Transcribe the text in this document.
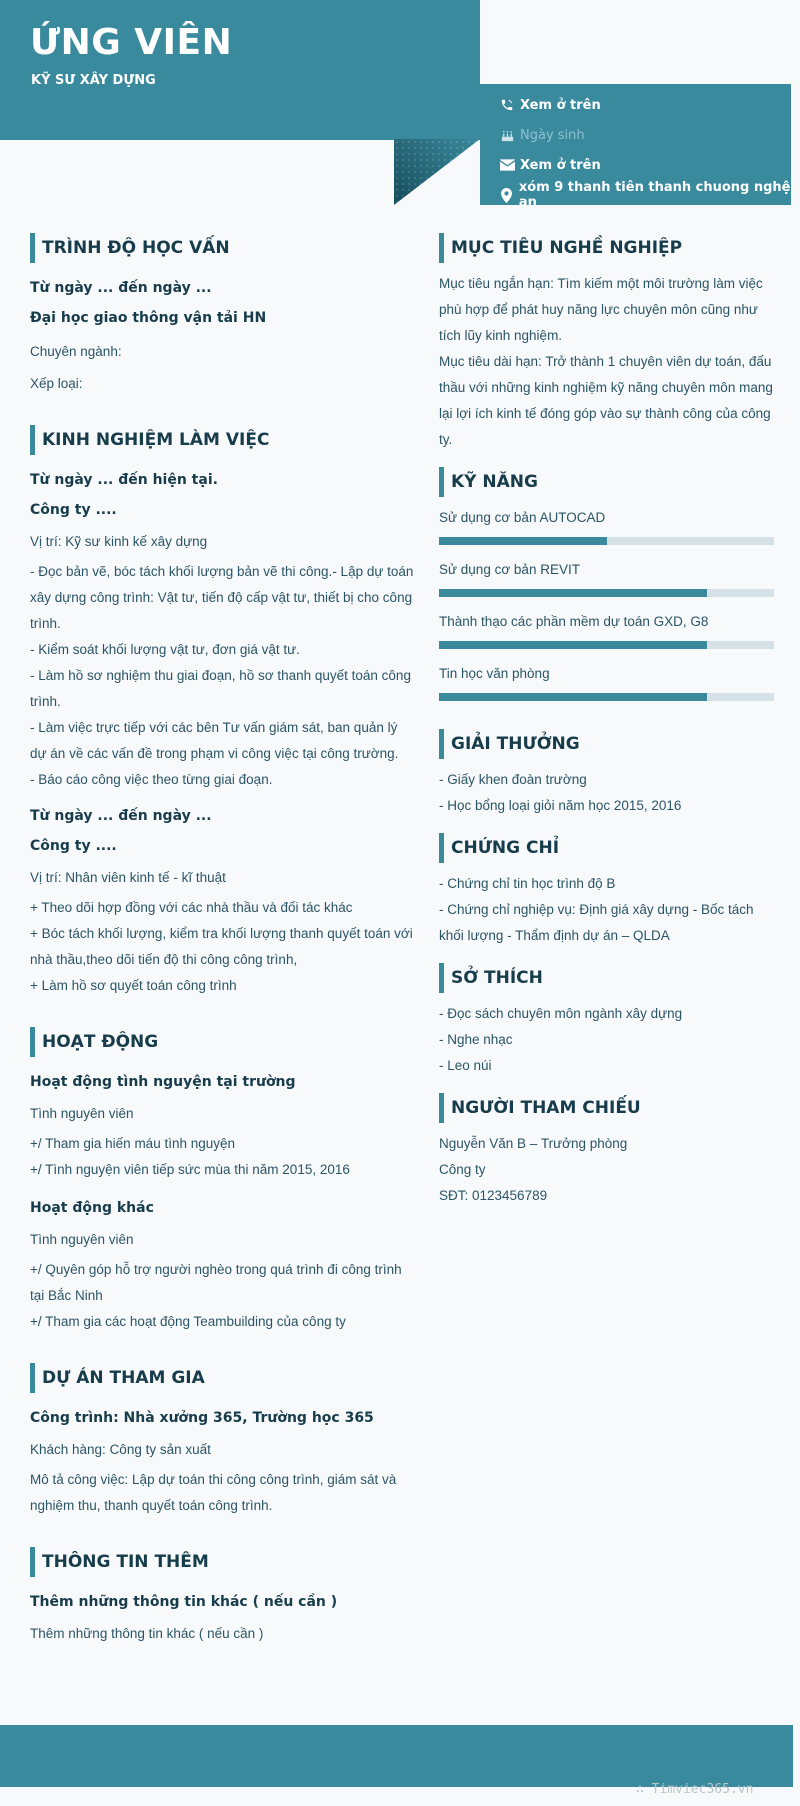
ỨNG VIÊN
KỸ SƯ XÂY DỰNG
Xem ở trên
Ngày sinh
Xem ở trên
xóm 9 thanh tiên thanh chuong nghệ an
TRÌNH ĐỘ HỌC VẤN
Từ ngày ... đến ngày ...
Đại học giao thông vận tải HN
Chuyên ngành:
Xếp loại:
KINH NGHIỆM LÀM VIỆC
Từ ngày ... đến hiện tại.
Công ty ....
Vị trí: Kỹ sư kinh kế xây dựng
- Đọc bản vẽ, bóc tách khối lượng bản vẽ thi công.- Lập dự toán xây dựng công trình: Vật tư, tiến độ cấp vật tư, thiết bị cho công trình.
- Kiểm soát khối lượng vật tư, đơn giá vật tư.
- Làm hồ sơ nghiệm thu giai đoạn, hồ sơ thanh quyết toán công trình.
- Làm việc trực tiếp với các bên Tư vấn giám sát, ban quản lý dự án về các vấn đề trong phạm vi công việc tại công trường.
- Báo cáo công việc theo từng giai đoạn.
Từ ngày ... đến ngày ...
Công ty ....
Vị trí: Nhân viên kinh tế - kĩ thuật
+ Theo dõi hợp đồng với các nhà thầu và đối tác khác
+ Bóc tách khối lượng, kiểm tra khối lượng thanh quyết toán với nhà thầu,theo dõi tiến độ thi công công trình,
+ Làm hồ sơ quyết toán công trình
HOẠT ĐỘNG
Hoạt động tình nguyện tại trường
Tình nguyên viên
+/ Tham gia hiến máu tình nguyện
+/ Tình nguyện viên tiếp sức mùa thi năm 2015, 2016
Hoạt động khác
Tình nguyên viên
+/ Quyên góp hỗ trợ người nghèo trong quá trình đi công trình tại Bắc Ninh
+/ Tham gia các hoạt động Teambuilding của công ty
DỰ ÁN THAM GIA
Công trình: Nhà xưởng 365, Trường học 365
Khách hàng: Công ty sản xuất
Mô tả công việc: Lập dự toán thi công công trình, giám sát và nghiệm thu, thanh quyết toán công trình.
THÔNG TIN THÊM
Thêm những thông tin khác ( nếu cần )
Thêm những thông tin khác ( nếu cần )
MỤC TIÊU NGHỀ NGHIỆP
Mục tiêu ngắn hạn: Tìm kiếm một môi trường làm việc phù hợp để phát huy năng lực chuyên môn cũng như tích lũy kinh nghiệm.
Mục tiêu dài hạn: Trở thành 1 chuyên viên dự toán, đấu thầu với những kinh nghiệm kỹ năng chuyên môn mang lại lợi ích kinh tế đóng góp vào sự thành công của công ty.
KỸ NĂNG
Sử dụng cơ bản AUTOCAD
Sử dụng cơ bản REVIT
Thành thạo các phần mềm dự toán GXD, G8
Tin học văn phòng
GIẢI THƯỞNG
- Giấy khen đoàn trường
- Học bổng loại giỏi năm học 2015, 2016
CHỨNG CHỈ
- Chứng chỉ tin học trình độ B
- Chứng chỉ nghiệp vụ: Định giá xây dựng - Bốc tách khối lượng - Thẩm định dự án – QLDA
SỞ THÍCH
- Đọc sách chuyên môn ngành xây dựng
- Nghe nhạc
- Leo núi
NGƯỜI THAM CHIẾU
Nguyễn Văn B – Trưởng phòng
Công ty
SĐT: 0123456789
∴ Timviec365.vn
